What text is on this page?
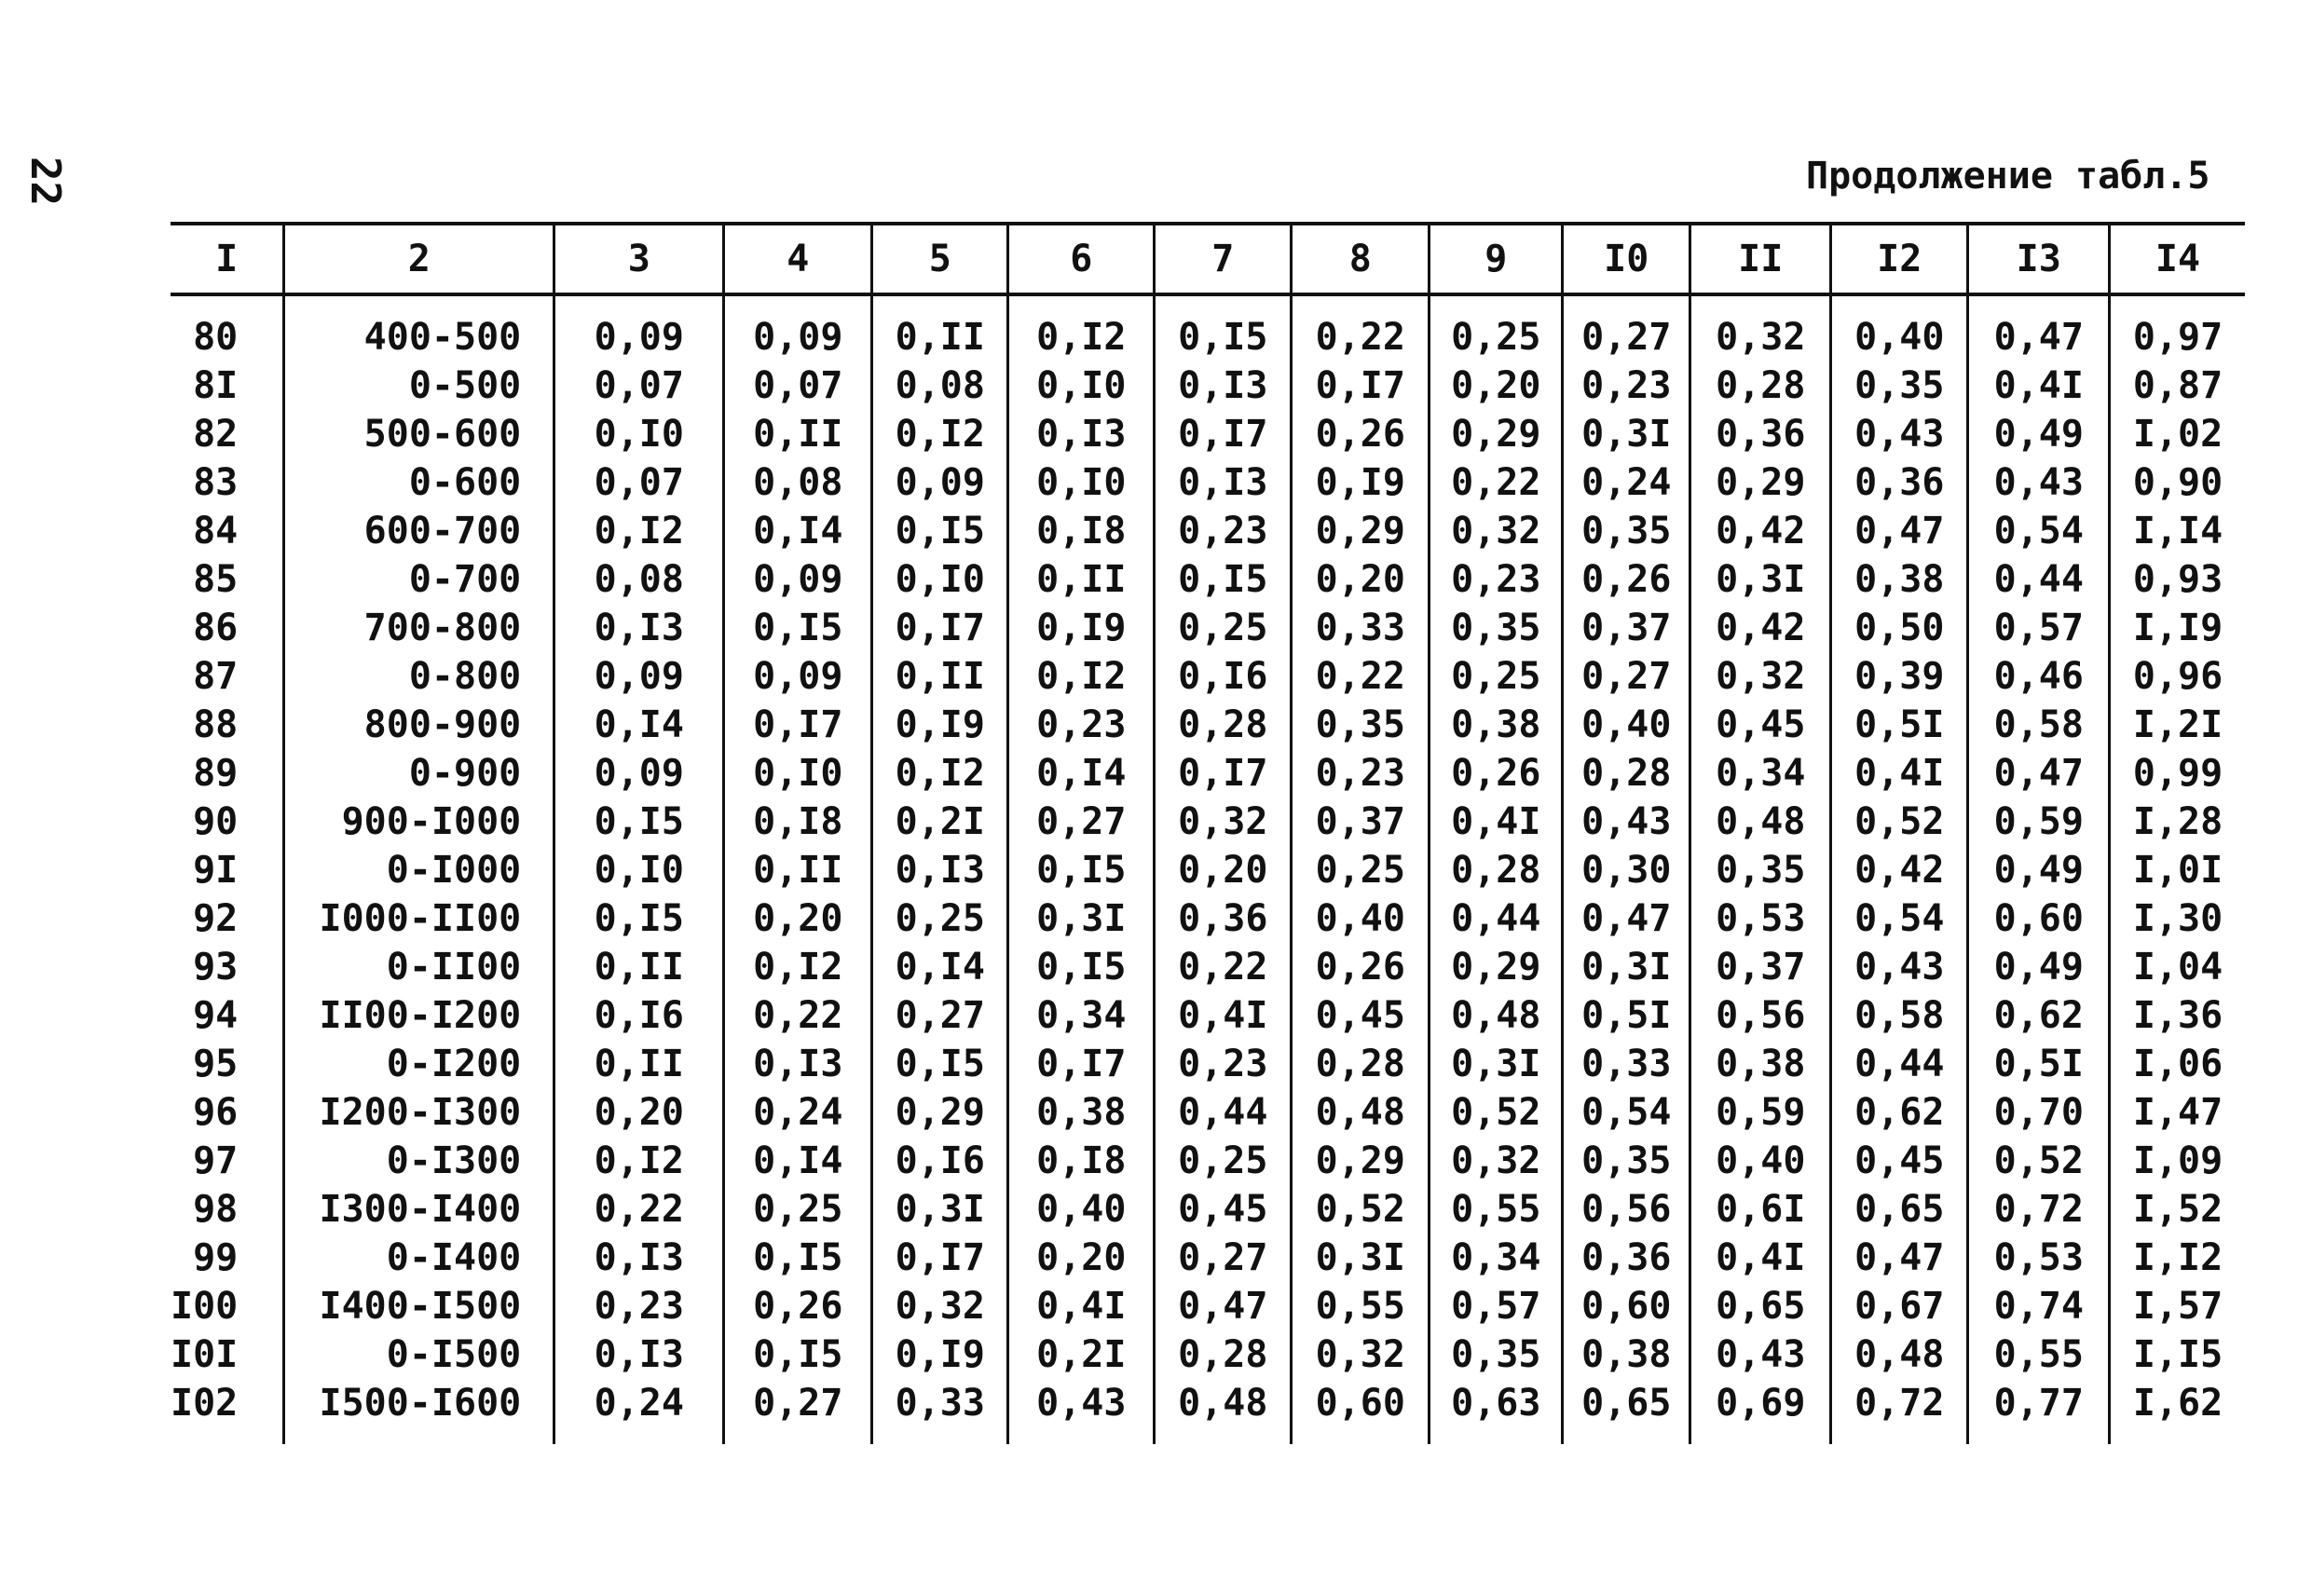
22	Продолжение табл.5
I	2	3	4	5	6	7	8	9	I0	II	I2	I3	I4
80	400-500	0,09	0,09	0,II	0,I2	0,I5	0,22	0,25	0,27	0,32	0,40	0,47	0,97
8I	0-500	0,07	0,07	0,08	0,I0	0,I3	0,I7	0,20	0,23	0,28	0,35	0,4I	0,87
82	500-600	0,I0	0,II	0,I2	0,I3	0,I7	0,26	0,29	0,3I	0,36	0,43	0,49	I,02
83	0-600	0,07	0,08	0,09	0,I0	0,I3	0,I9	0,22	0,24	0,29	0,36	0,43	0,90
84	600-700	0,I2	0,I4	0,I5	0,I8	0,23	0,29	0,32	0,35	0,42	0,47	0,54	I,I4
85	0-700	0,08	0,09	0,I0	0,II	0,I5	0,20	0,23	0,26	0,3I	0,38	0,44	0,93
86	700-800	0,I3	0,I5	0,I7	0,I9	0,25	0,33	0,35	0,37	0,42	0,50	0,57	I,I9
87	0-800	0,09	0,09	0,II	0,I2	0,I6	0,22	0,25	0,27	0,32	0,39	0,46	0,96
88	800-900	0,I4	0,I7	0,I9	0,23	0,28	0,35	0,38	0,40	0,45	0,5I	0,58	I,2I
89	0-900	0,09	0,I0	0,I2	0,I4	0,I7	0,23	0,26	0,28	0,34	0,4I	0,47	0,99
90	900-I000	0,I5	0,I8	0,2I	0,27	0,32	0,37	0,4I	0,43	0,48	0,52	0,59	I,28
9I	0-I000	0,I0	0,II	0,I3	0,I5	0,20	0,25	0,28	0,30	0,35	0,42	0,49	I,0I
92	I000-II00	0,I5	0,20	0,25	0,3I	0,36	0,40	0,44	0,47	0,53	0,54	0,60	I,30
93	0-II00	0,II	0,I2	0,I4	0,I5	0,22	0,26	0,29	0,3I	0,37	0,43	0,49	I,04
94	II00-I200	0,I6	0,22	0,27	0,34	0,4I	0,45	0,48	0,5I	0,56	0,58	0,62	I,36
95	0-I200	0,II	0,I3	0,I5	0,I7	0,23	0,28	0,3I	0,33	0,38	0,44	0,5I	I,06
96	I200-I300	0,20	0,24	0,29	0,38	0,44	0,48	0,52	0,54	0,59	0,62	0,70	I,47
97	0-I300	0,I2	0,I4	0,I6	0,I8	0,25	0,29	0,32	0,35	0,40	0,45	0,52	I,09
98	I300-I400	0,22	0,25	0,3I	0,40	0,45	0,52	0,55	0,56	0,6I	0,65	0,72	I,52
99	0-I400	0,I3	0,I5	0,I7	0,20	0,27	0,3I	0,34	0,36	0,4I	0,47	0,53	I,I2
I00	I400-I500	0,23	0,26	0,32	0,4I	0,47	0,55	0,57	0,60	0,65	0,67	0,74	I,57
I0I	0-I500	0,I3	0,I5	0,I9	0,2I	0,28	0,32	0,35	0,38	0,43	0,48	0,55	I,I5
I02	I500-I600	0,24	0,27	0,33	0,43	0,48	0,60	0,63	0,65	0,69	0,72	0,77	I,62
